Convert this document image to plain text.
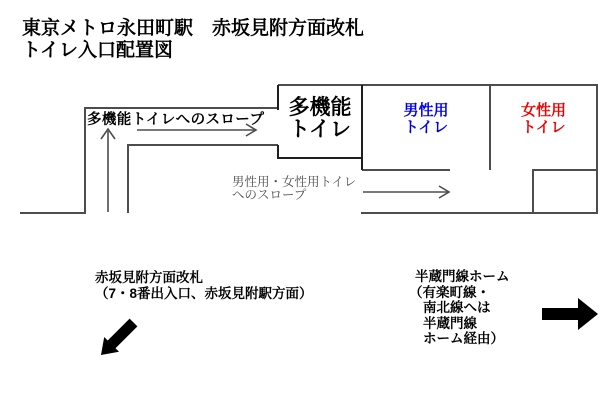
東京メトロ永田町駅　赤坂見附方面改札
トイレ入口配置図
多機能トイレへのスロープ
多機能
トイレ
男性用
トイレ
女性用
トイレ
男性用・女性用トイレ
へのスロープ
赤坂見附方面改札
（7・8番出入口、赤坂見附駅方面）
半蔵門線ホーム
（有楽町線・
南北線へは
半蔵門線
ホーム経由）
